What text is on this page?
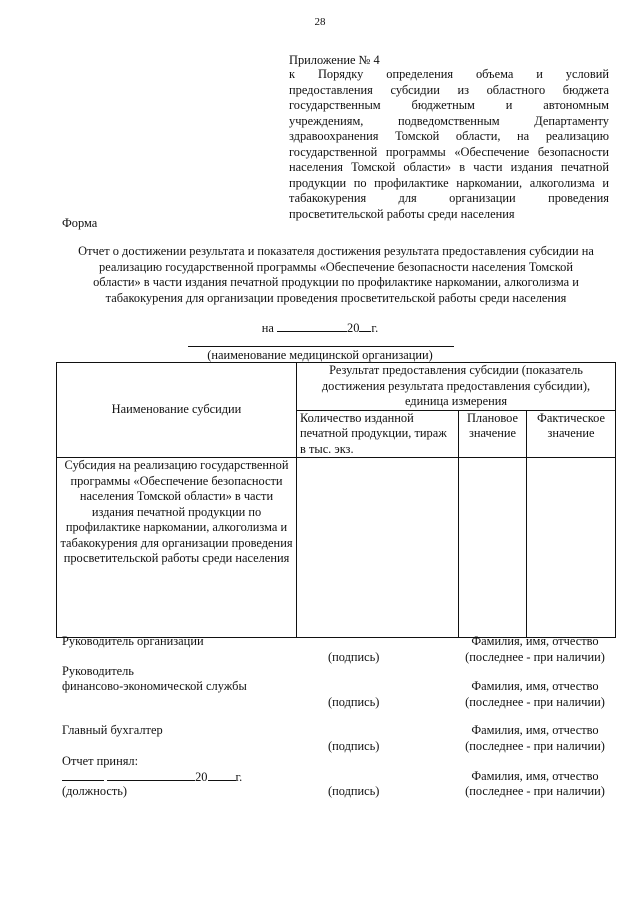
28
Приложение № 4
к Порядку определения объема и условий
предоставления субсидии из областного бюджета
государственным бюджетным и автономным
учреждениям, подведомственным Департаменту
здравоохранения Томской области, на реализацию
государственной программы «Обеспечение безопасности
населения Томской области» в части издания печатной
продукции по профилактике наркомании, алкоголизма и
табакокурения для организации проведения
просветительской работы среди населения
Форма
Отчет о достижении результата и показателя достижения результата предоставления субсидии на
реализацию государственной программы «Обеспечение безопасности населения Томской
области» в части издания печатной продукции по профилактике наркомании, алкоголизма и
табакокурения для организации проведения просветительской работы среди населения
на	20 г.
(наименование медицинской организации)
Наименование субсидии	Результат предоставления субсидии (показатель достижения результата предоставления субсидии), единица измерения		
	Количество изданной печатной продукции, тираж в тыс. экз.	Плановое значение	Фактическое значение
Субсидия на реализацию государственной программы «Обеспечение безопасности населения Томской области» в части издания печатной продукции по профилактике наркомании, алкоголизма и табакокурения для организации проведения просветительской работы среди населения			
Руководитель организации	Фамилия, имя, отчество
(подпись)	(последнее - при наличии)
Руководитель
финансово-экономической службы	Фамилия, имя, отчество
(подпись)	(последнее - при наличии)
Главный бухгалтер	Фамилия, имя, отчество
(подпись)	(последнее - при наличии)
Отчет принял:
20 г.	Фамилия, имя, отчество
(должность)	(подпись)	(последнее - при наличии)
